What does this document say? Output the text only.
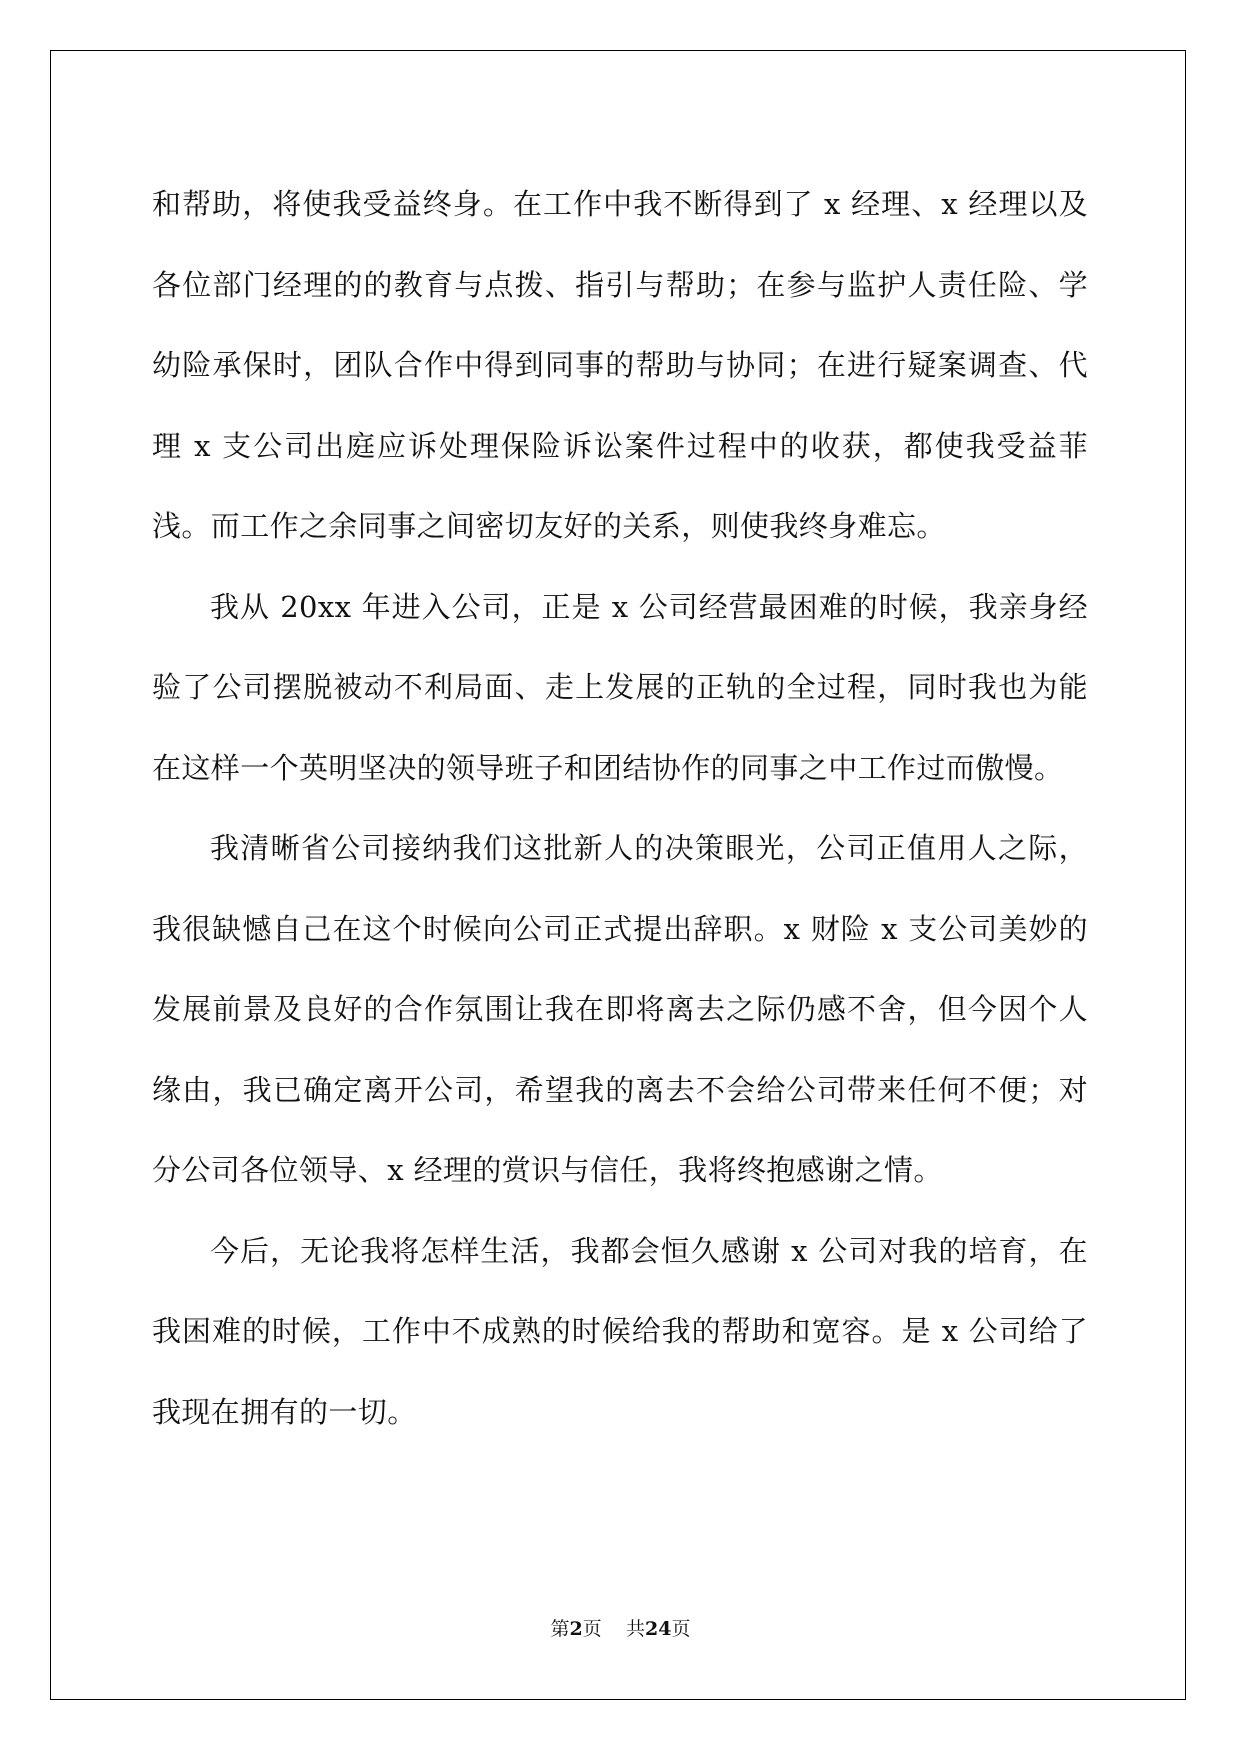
和帮助，将使我受益终身。在工作中我不断得到了 x 经理、x 经理以及各位部门经理的的教育与点拨、指引与帮助；在参与监护人责任险、学幼险承保时，团队合作中得到同事的帮助与协同；在进行疑案调查、代理 x 支公司出庭应诉处理保险诉讼案件过程中的收获，都使我受益菲浅。而工作之余同事之间密切友好的关系，则使我终身难忘。

我从 20xx 年进入公司，正是 x 公司经营最困难的时候，我亲身经验了公司摆脱被动不利局面、走上发展的正轨的全过程，同时我也为能在这样一个英明坚决的领导班子和团结协作的同事之中工作过而傲慢。

我清晰省公司接纳我们这批新人的决策眼光，公司正值用人之际，我很缺憾自己在这个时候向公司正式提出辞职。x 财险 x 支公司美妙的发展前景及良好的合作氛围让我在即将离去之际仍感不舍，但今因个人缘由，我已确定离开公司，希望我的离去不会给公司带来任何不便；对分公司各位领导、x 经理的赏识与信任，我将终抱感谢之情。

今后，无论我将怎样生活，我都会恒久感谢 x 公司对我的培育，在我困难的时候，工作中不成熟的时候给我的帮助和宽容。是 x 公司给了我现在拥有的一切。

第2页 共24页
